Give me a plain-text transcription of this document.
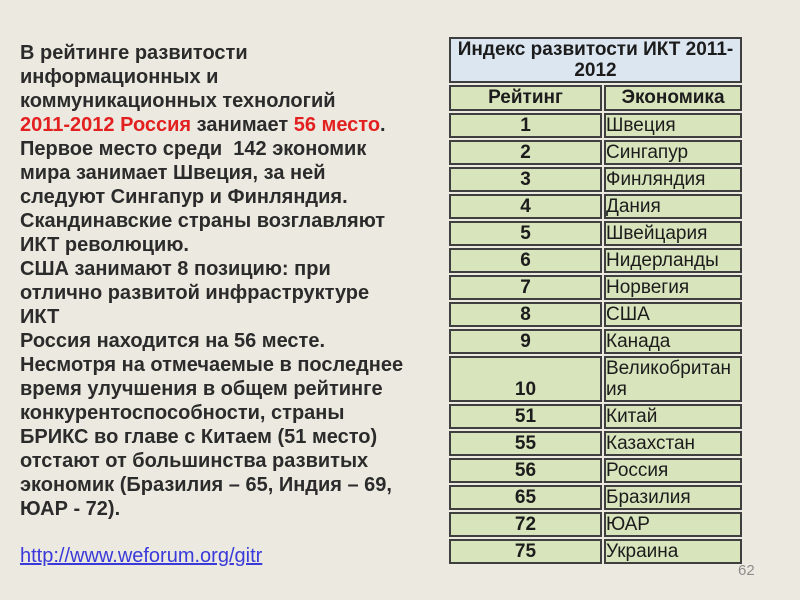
В рейтинге развитости
информационных и
коммуникационных технологий
2011-2012 Россия занимает 56 место.
Первое место среди  142 экономик
мира занимает Швеция, за ней
следуют Сингапур и Финляндия.
Скандинавские страны возглавляют
ИКТ революцию.
США занимают 8 позицию: при
отлично развитой инфраструктуре
ИКТ
Россия находится на 56 месте.
Несмотря на отмечаемые в последнее
время улучшения в общем рейтинге
конкурентоспособности, страны
БРИКС во главе с Китаем (51 место)
отстают от большинства развитых
экономик (Бразилия – 65, Индия – 69,
ЮАР - 72).
http://www.weforum.org/gitr
Индекс развитости ИКТ 2011-2012	
Рейтинг	Экономика
1	Швеция
2	Сингапур
3	Финляндия
4	Дания
5	Швейцария
6	Нидерланды
7	Норвегия
8	США
9	Канада
10	Великобритания
51	Китай
55	Казахстан
56	Россия
65	Бразилия
72	ЮАР
75	Украина
62
